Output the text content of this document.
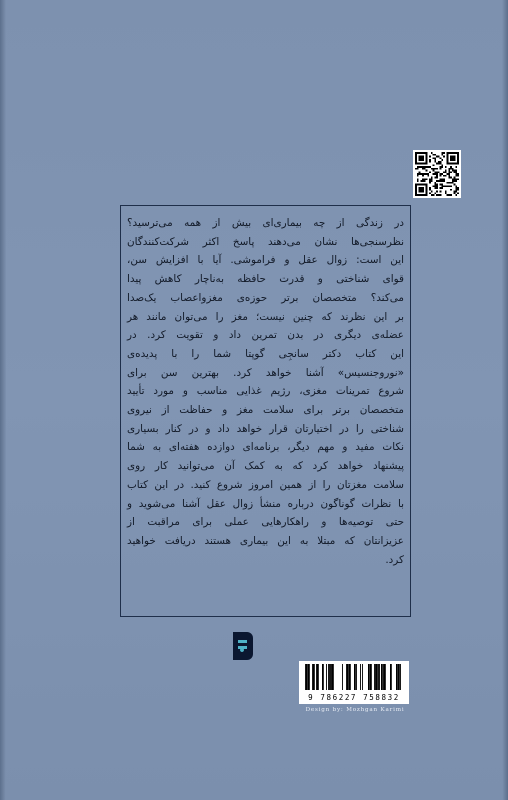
در زندگی از چه بیماری‌ای بیش از همه می‌ترسید؟
نظرسنجی‌ها نشان می‌دهند پاسخ اکثر شرکت‌کنندگان
این است: زوال عقل و فراموشی. آیا با افزایش سن،
قوای شناختی و قدرت حافظه به‌ناچار کاهش پیدا
می‌کند؟ متخصصان برتر حوزه‌ی مغزواعصاب یک‌صدا
بر این نظرند که چنین نیست؛ مغز را می‌توان مانند هر
عضله‌ی دیگری در بدن تمرین داد و تقویت کرد. در
این کتاب دکتر سانجِی گوپتا شما را با پدیده‌ی
«نوروجنسیس» آشنا خواهد کرد. بهترین سن برای
شروع تمرینات مغزی، رژیم غذایی مناسب و مورد تأیید
متخصصان برتر برای سلامت مغز و حفاظت از نیروی
شناختی را در اختیارتان قرار خواهد داد و در کنار بسیاری
نکات مفید و مهم دیگر، برنامه‌ای دوازده هفته‌ای به شما
پیشنهاد خواهد کرد که به کمک آن می‌توانید کار روی
سلامت مغزتان را از همین امروز شروع کنید. در این کتاب
با نظرات گوناگون درباره منشأ زوال عقل آشنا می‌شوید و
حتی توصیه‌ها و راهکارهایی عملی برای مراقبت از
عزیزانتان که مبتلا به این بیماری هستند دریافت خواهید
کرد.
9 786227 758832
Design by: Mozhgan Karimi
